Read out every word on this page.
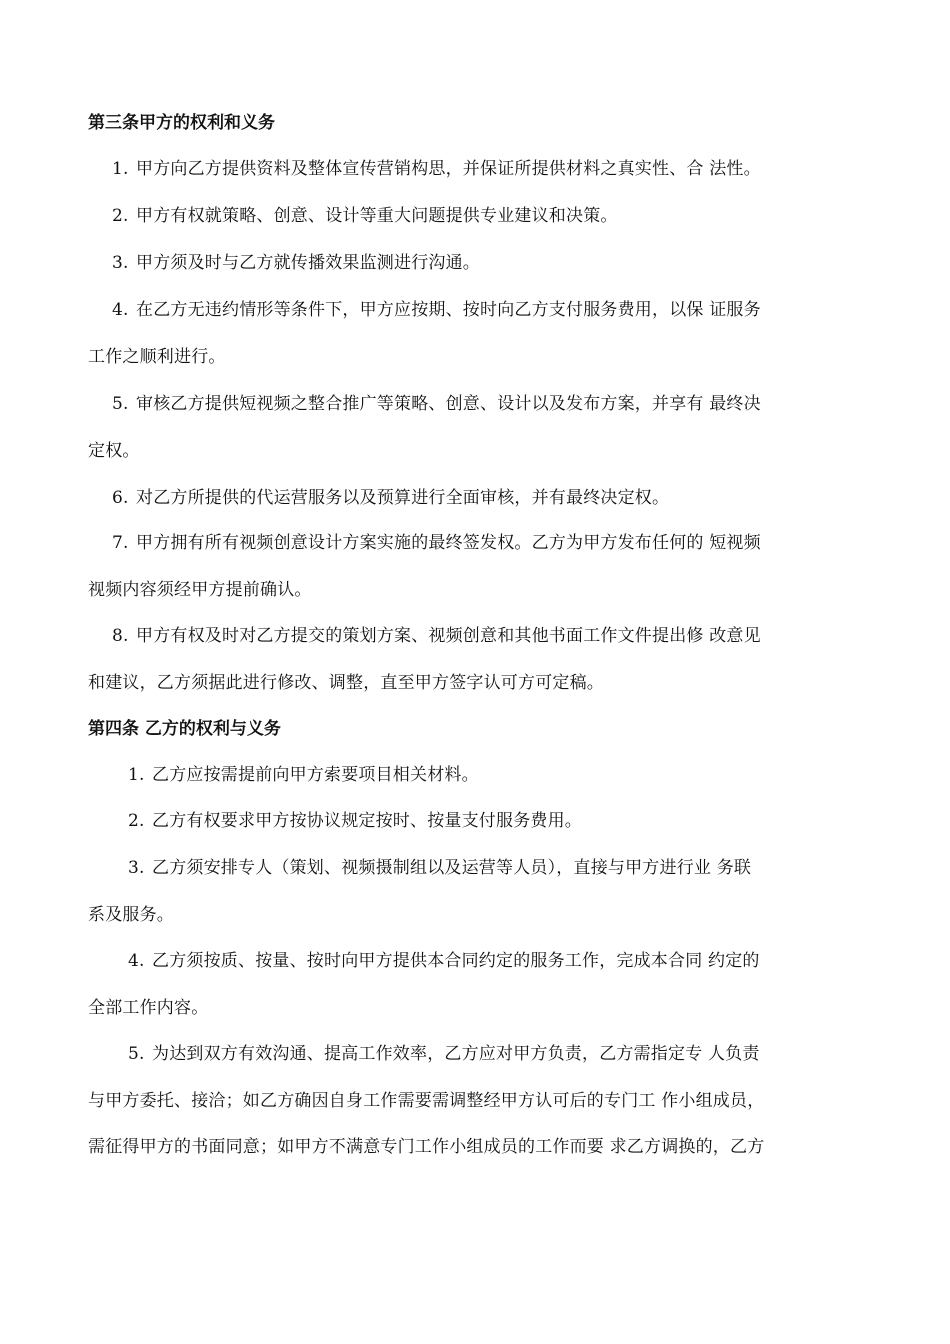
第三条甲方的权利和义务
1. 甲方向乙方提供资料及整体宣传营销构思，并保证所提供材料之真实性、合 法性。
2. 甲方有权就策略、创意、设计等重大问题提供专业建议和决策。
3. 甲方须及时与乙方就传播效果监测进行沟通。
4. 在乙方无违约情形等条件下，甲方应按期、按时向乙方支付服务费用，以保 证服务
工作之顺利进行。
5. 审核乙方提供短视频之整合推广等策略、创意、设计以及发布方案，并享有 最终决
定权。
6. 对乙方所提供的代运营服务以及预算进行全面审核，并有最终决定权。
7. 甲方拥有所有视频创意设计方案实施的最终签发权。乙方为甲方发布任何的 短视频
视频内容须经甲方提前确认。
8. 甲方有权及时对乙方提交的策划方案、视频创意和其他书面工作文件提出修 改意见
和建议，乙方须据此进行修改、调整，直至甲方签字认可方可定稿。
第四条 乙方的权利与义务
1. 乙方应按需提前向甲方索要项目相关材料。
2. 乙方有权要求甲方按协议规定按时、按量支付服务费用。
3. 乙方须安排专人（策划、视频摄制组以及运营等人员），直接与甲方进行业 务联
系及服务。
4. 乙方须按质、按量、按时向甲方提供本合同约定的服务工作，完成本合同 约定的
全部工作内容。
5. 为达到双方有效沟通、提高工作效率，乙方应对甲方负责，乙方需指定专 人负责
与甲方委托、接洽；如乙方确因自身工作需要需调整经甲方认可后的专门工 作小组成员，
需征得甲方的书面同意；如甲方不满意专门工作小组成员的工作而要 求乙方调换的，乙方
